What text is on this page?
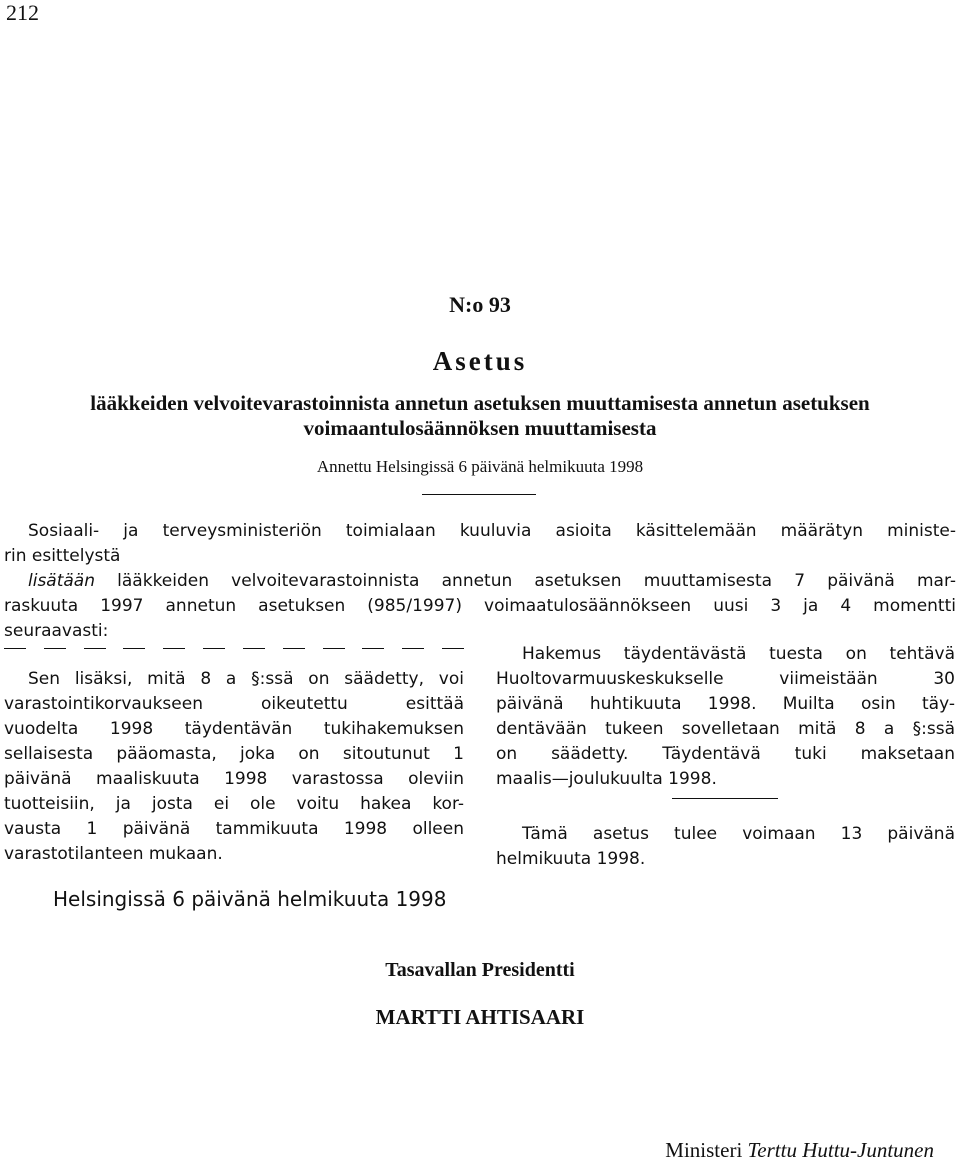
212
N:o 93
Asetus
lääkkeiden velvoitevarastoinnista annetun asetuksen muuttamisesta annetun asetuksen
voimaantulosäännöksen muuttamisesta
Annettu Helsingissä 6 päivänä helmikuuta 1998
Sosiaali- ja terveysministeriön toimialaan kuuluvia asioita käsittelemään määrätyn ministe-
rin esittelystä
lisätään lääkkeiden velvoitevarastoinnista annetun asetuksen muuttamisesta 7 päivänä mar-
raskuuta 1997 annetun asetuksen (985/1997) voimaatulosäännökseen uusi 3 ja 4 momentti
seuraavasti:
Sen lisäksi, mitä 8 a §:ssä on säädetty, voi
varastointikorvaukseen oikeutettu esittää
vuodelta 1998 täydentävän tukihakemuksen
sellaisesta pääomasta, joka on sitoutunut 1
päivänä maaliskuuta 1998 varastossa oleviin
tuotteisiin, ja josta ei ole voitu hakea kor-
vausta 1 päivänä tammikuuta 1998 olleen
varastotilanteen mukaan.
Hakemus täydentävästä tuesta on tehtävä
Huoltovarmuuskeskukselle viimeistään 30
päivänä huhtikuuta 1998. Muilta osin täy-
dentävään tukeen sovelletaan mitä 8 a §:ssä
on säädetty. Täydentävä tuki maksetaan
maalis—joulukuulta 1998.
Tämä asetus tulee voimaan 13 päivänä
helmikuuta 1998.
Helsingissä 6 päivänä helmikuuta 1998
Tasavallan Presidentti
MARTTI AHTISAARI
Ministeri Terttu Huttu-Juntunen
